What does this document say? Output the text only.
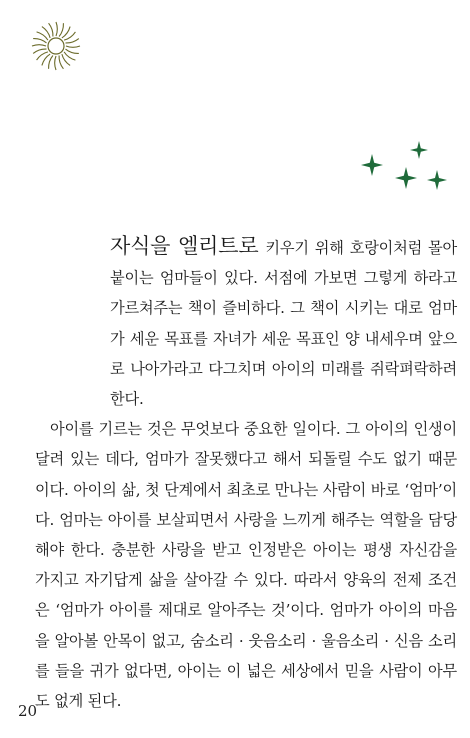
자식을 엘리트로 키우기 위해 호랑이처럼 몰아붙이는 엄마들이 있다. 서점에 가보면 그렇게 하라고 가르쳐주는 책이 즐비하다. 그 책이 시키는 대로 엄마가 세운 목표를 자녀가 세운 목표인 양 내세우며 앞으로 나아가라고 다그치며 아이의 미래를 쥐락펴락하려 한다.

아이를 기르는 것은 무엇보다 중요한 일이다. 그 아이의 인생이 달려 있는 데다, 엄마가 잘못했다고 해서 되돌릴 수도 없기 때문이다. 아이의 삶, 첫 단계에서 최초로 만나는 사람이 바로 ‘엄마’이다. 엄마는 아이를 보살피면서 사랑을 느끼게 해주는 역할을 담당해야 한다. 충분한 사랑을 받고 인정받은 아이는 평생 자신감을 가지고 자기답게 삶을 살아갈 수 있다. 따라서 양육의 전제 조건은 ‘엄마가 아이를 제대로 알아주는 것’이다. 엄마가 아이의 마음을 알아볼 안목이 없고, 숨소리 · 웃음소리 · 울음소리 · 신음 소리를 들을 귀가 없다면, 아이는 이 넓은 세상에서 믿을 사람이 아무도 없게 된다.

20
